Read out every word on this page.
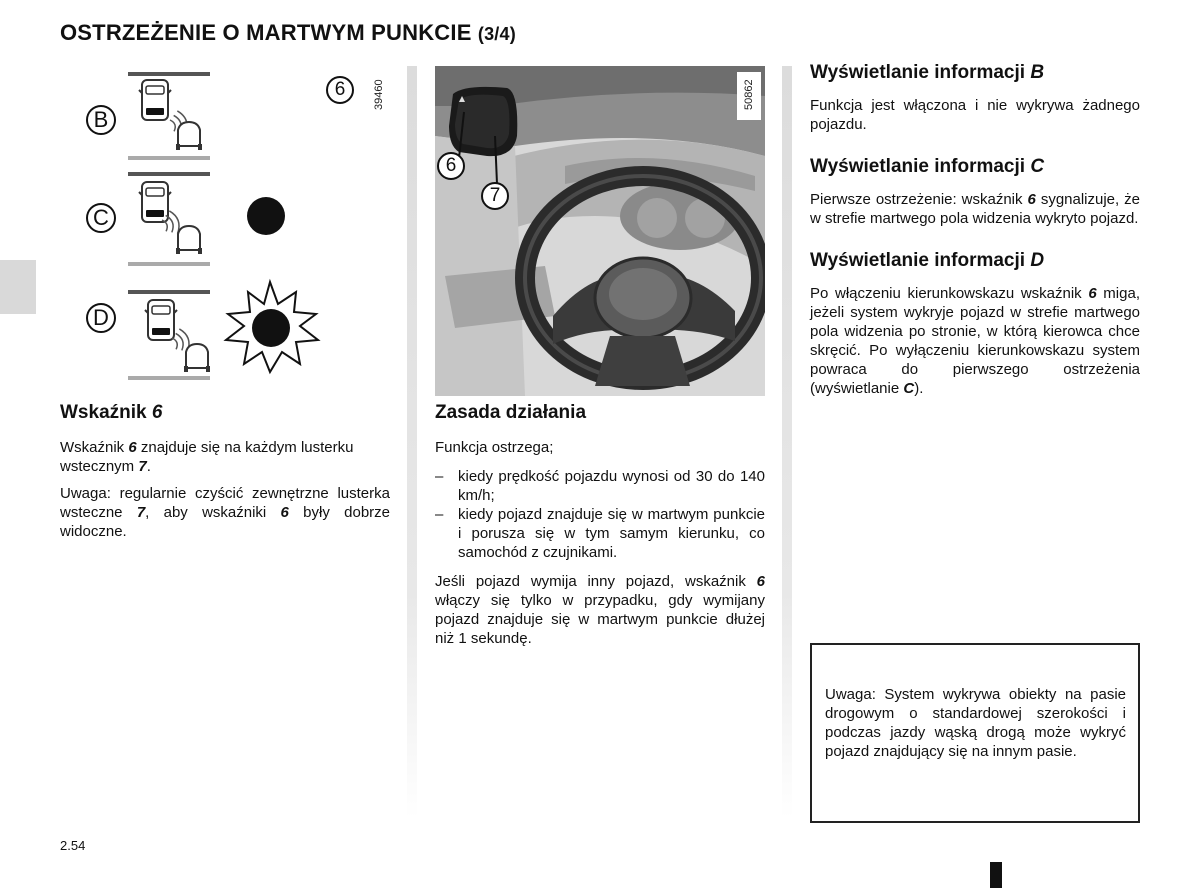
OSTRZEŻENIE O MARTWYM PUNKCIE (3/4)
B
C
D
6	39460
6
7
50862
Wskaźnik 6

Wskaźnik 6 znajduje się na każdym lusterku wstecznym 7.

Uwaga: regularnie czyścić zewnętrzne lusterka wsteczne 7, aby wskaźniki 6 były dobrze widoczne.

Zasada działania

Funkcja ostrzega;

– kiedy prędkość pojazdu wynosi od 30 do 140 km/h;
– kiedy pojazd znajduje się w martwym punkcie i porusza się w tym samym kierunku, co samochód z czujnikami.

Jeśli pojazd wymija inny pojazd, wskaźnik 6 włączy się tylko w przypadku, gdy wymijany pojazd znajduje się w martwym punkcie dłużej niż 1 sekundę.

Wyświetlanie informacji B

Funkcja jest włączona i nie wykrywa żadnego pojazdu.

Wyświetlanie informacji C

Pierwsze ostrzeżenie: wskaźnik 6 sygnalizuje, że w strefie martwego pola widzenia wykryto pojazd.

Wyświetlanie informacji D

Po włączeniu kierunkowskazu wskaźnik 6 miga, jeżeli system wykryje pojazd w strefie martwego pola widzenia po stronie, w którą kierowca chce skręcić. Po wyłączeniu kierunkowskazu system powraca do pierwszego ostrzeżenia (wyświetlanie C).

Uwaga: System wykrywa obiekty na pasie drogowym o standardowej szerokości i podczas jazdy wąską drogą może wykryć pojazd znajdujący się na innym pasie.

2.54
